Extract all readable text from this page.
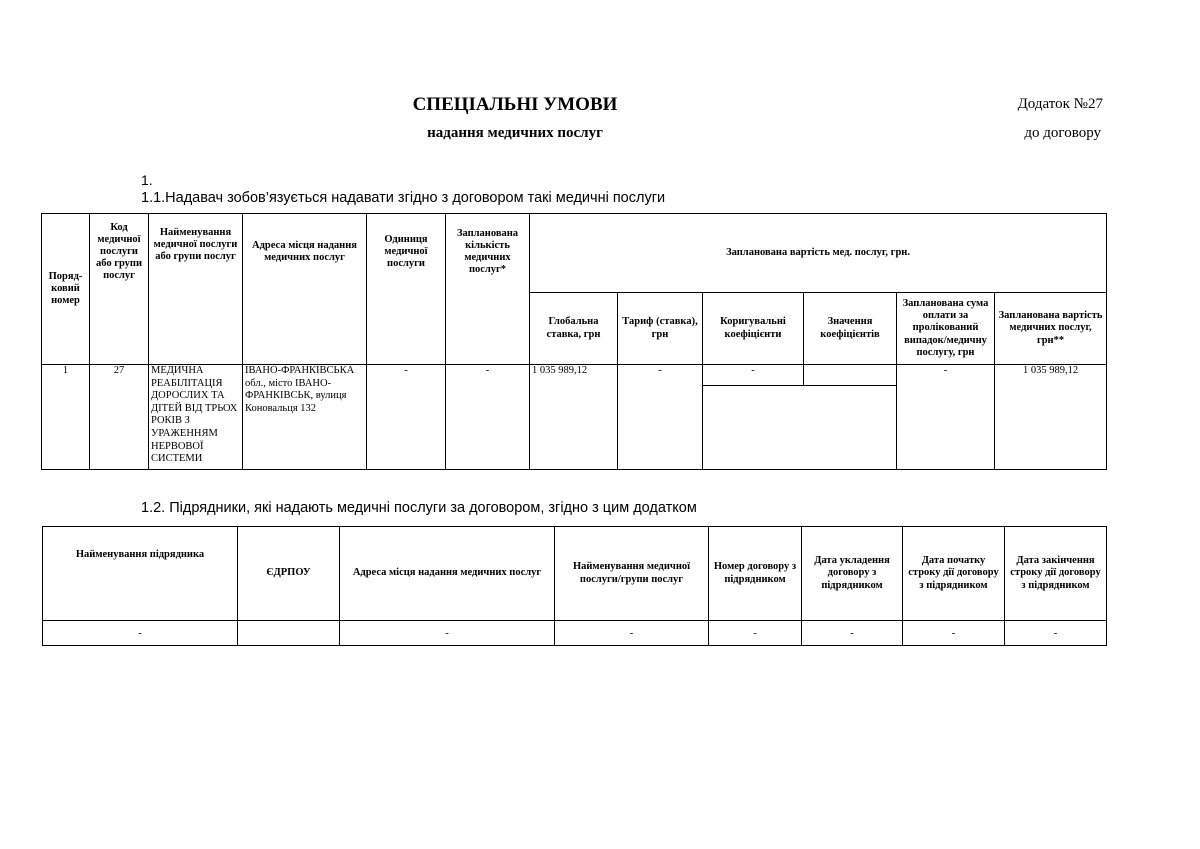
СПЕЦІАЛЬНІ УМОВИ
надання медичних послуг
Додаток №27
до договору
1.
1.1.Надавач зобов’язується надавати згідно з договором такі медичні послуги
Поряд-ковий номер	Код медичної послуги або групи послуг	Найменування медичної послуги або групи послуг	Адреса місця надання медичних послуг	Одиниця медичної послуги	Запланована кількість медичних послуг*	Запланована вартість мед. послуг, грн.					
						Глобальна ставка, грн	Тариф (ставка), грн	Коригувальні коефіцієнти	Значення коефіцієнтів	Запланована сума оплати за пролікований випадок/медичну послугу, грн	Запланована вартість медичних послуг, грн**
1	27	МЕДИЧНА РЕАБІЛІТАЦІЯ ДОРОСЛИХ ТА ДІТЕЙ ВІД ТРЬОХ РОКІВ З УРАЖЕННЯМ НЕРВОВОЇ СИСТЕМИ	ІВАНО-ФРАНКІВСЬКА обл., місто ІВАНО-ФРАНКІВСЬК, вулиця Коновальця 132	-	-	1 035 989,12	-	-		-	1 035 989,12

1.2. Підрядники, які надають медичні послуги за договором, згідно з цим додатком
Найменування підрядника	ЄДРПОУ	Адреса місця надання медичних послуг	Найменування медичної послуги/групи послуг	Номер договору з підрядником	Дата укладення договору з підрядником	Дата початку строку дії договору з підрядником	Дата закінчення строку дії договору з підрядником
-		-	-	-	-	-	-
